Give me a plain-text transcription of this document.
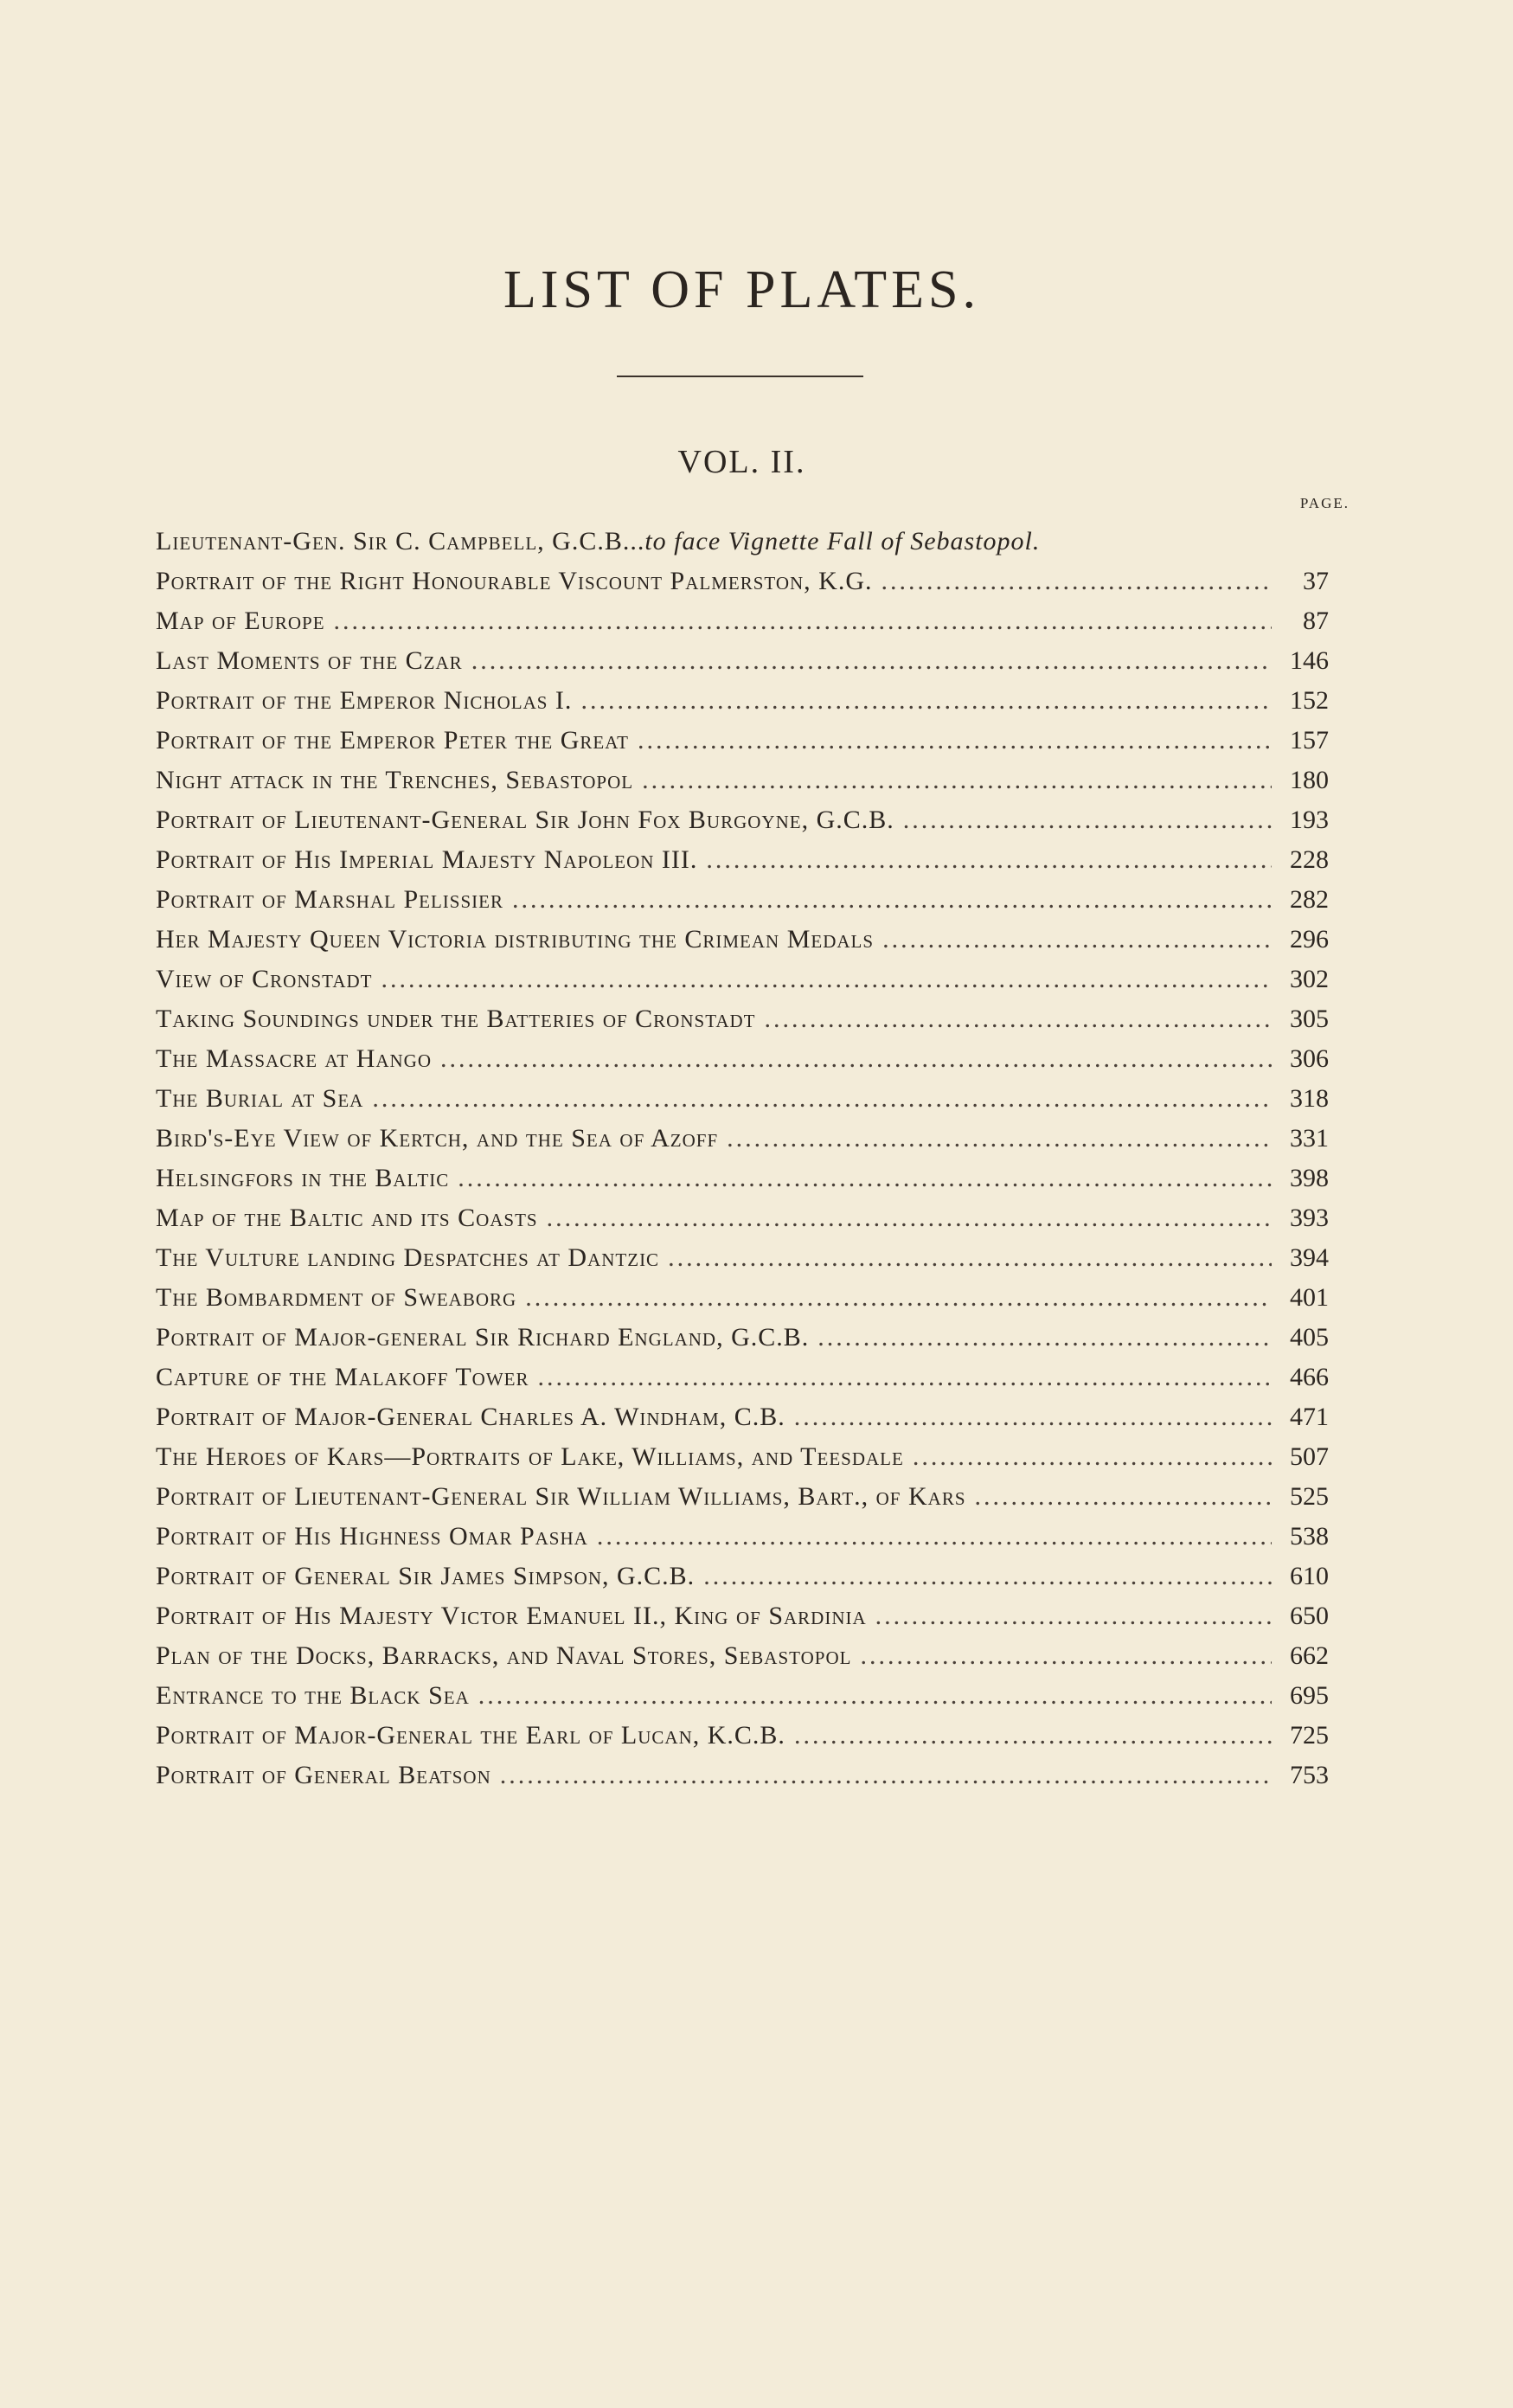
LIST OF PLATES.
VOL. II.
PAGE.
Lieutenant-Gen. Sir C. Campbell, G.C.B...to face Vignette Fall of Sebastopol.
Portrait of the Right Honourable Viscount Palmerston, K.G. .....	37
Map of Europe .....	87
Last Moments of the Czar .....	146
Portrait of the Emperor Nicholas I. .....	152
Portrait of the Emperor Peter the Great .....	157
Night attack in the Trenches, Sebastopol .....	180
Portrait of Lieutenant-General Sir John Fox Burgoyne, G.C.B. .....	193
Portrait of His Imperial Majesty Napoleon III. .....	228
Portrait of Marshal Pelissier .....	282
Her Majesty Queen Victoria distributing the Crimean Medals .....	296
View of Cronstadt .....	302
Taking Soundings under the Batteries of Cronstadt .....	305
The Massacre at Hango .....	306
The Burial at Sea .....	318
Bird's-Eye View of Kertch, and the Sea of Azoff .....	331
Helsingfors in the Baltic .....	398
Map of the Baltic and its Coasts .....	393
The Vulture landing Despatches at Dantzic .....	394
The Bombardment of Sweaborg .....	401
Portrait of Major-general Sir Richard England, G.C.B. .....	405
Capture of the Malakoff Tower .....	466
Portrait of Major-General Charles A. Windham, C.B. .....	471
The Heroes of Kars—Portraits of Lake, Williams, and Teesdale .....	507
Portrait of Lieutenant-General Sir William Williams, Bart., of Kars .....	525
Portrait of His Highness Omar Pasha .....	538
Portrait of General Sir James Simpson, G.C.B. .....	610
Portrait of His Majesty Victor Emanuel II., King of Sardinia .....	650
Plan of the Docks, Barracks, and Naval Stores, Sebastopol .....	662
Entrance to the Black Sea .....	695
Portrait of Major-General the Earl of Lucan, K.C.B. .....	725
Portrait of General Beatson .....	753
